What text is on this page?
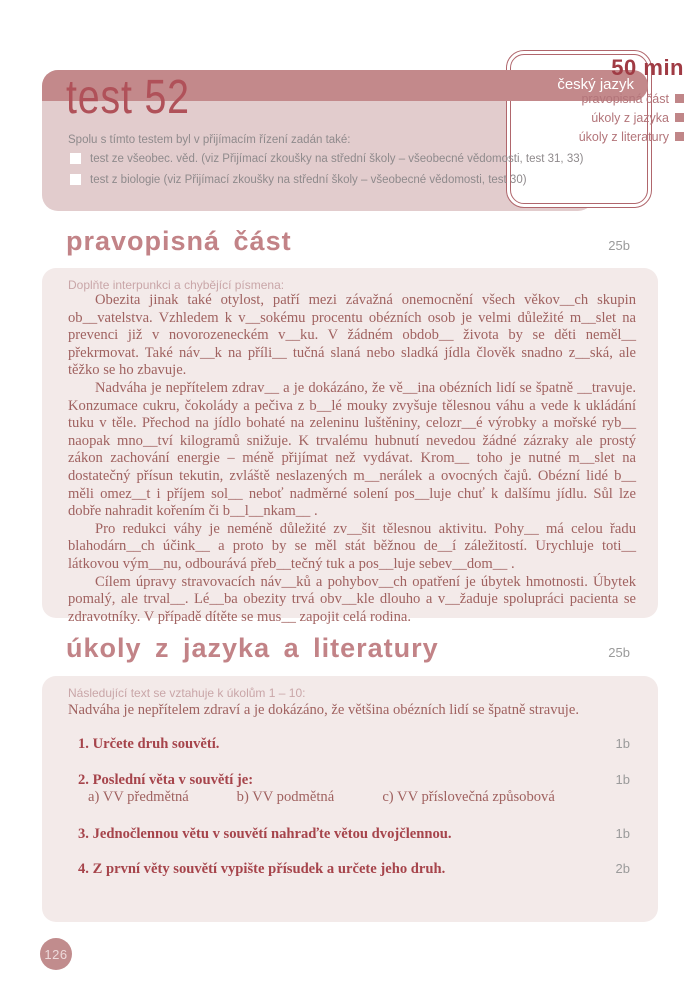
český jazyk
test 52
Spolu s tímto testem byl v přijímacím řízení zadán také:
test ze všeobec. věd. (viz Přijímací zkoušky na střední školy – všeobecné vědomosti, test 31, 33)
test z biologie (viz Přijímací zkoušky na střední školy – všeobecné vědomosti, test 30)
50 min
pravopisná část
úkoly z jazyka
úkoly z literatury
pravopisná část	25b
Doplňte interpunkci a chybějící písmena:

Obezita jinak také otylost, patří mezi závažná onemocnění všech věkov__ch skupin ob__vatelstva. Vzhledem k v__sokému procentu obézních osob je velmi důležité m__slet na prevenci již v novorozeneckém v__ku. V žádném obdob__ života by se děti neměl__ překrmovat. Také náv__k na příli__ tučná slaná nebo sladká jídla člověk snadno z__ská, ale těžko se ho zbavuje.

Nadváha je nepřítelem zdrav__ a je dokázáno, že vě__ina obézních lidí se špatně __travuje. Konzumace cukru, čokolády a pečiva z b__lé mouky zvyšuje tělesnou váhu a vede k ukládání tuku v těle. Přechod na jídlo bohaté na zeleninu luštěniny, celozr__é výrobky a mořské ryb__ naopak mno__tví kilogramů snižuje. K trvalému hubnutí nevedou žádné zázraky ale prostý zákon zachování energie – méně přijímat než vydávat. Krom__ toho je nutné m__slet na dostatečný přísun tekutin, zvláště neslazených m__nerálek a ovocných čajů. Obézní lidé b__ měli omez__t i příjem sol__ neboť nadměrné solení pos__luje chuť k dalšímu jídlu. Sůl lze dobře nahradit kořením či b__l__nkam__ .

Pro redukci váhy je neméně důležité zv__šit tělesnou aktivitu. Pohy__ má celou řadu blahodárn__ch účink__ a proto by se měl stát běžnou de__í záležitostí. Urychluje toti__ látkovou vým__nu, odbourává přeb__tečný tuk a pos__luje sebev__dom__ .

Cílem úpravy stravovacích náv__ků a pohybov__ch opatření je úbytek hmotnosti. Úbytek pomalý, ale trval__. Lé__ba obezity trvá obv__kle dlouho a v__žaduje spolupráci pacienta se zdravotníky. V případě dítěte se mus__ zapojit celá rodina.

úkoly z jazyka a literatury	25b
Následující text se vztahuje k úkolům 1 – 10:
Nadváha je nepřítelem zdraví a je dokázáno, že většina obézních lidí se špatně stravuje.
1. Určete druh souvětí.	1b
2. Poslední věta v souvětí je:	1b
a) VV předmětná	b) VV podmětná	c) VV příslovečná způsobová
3. Jednočlennou větu v souvětí nahraďte větou dvojčlennou.	1b
4. Z první věty souvětí vypište přísudek a určete jeho druh.	2b
126
